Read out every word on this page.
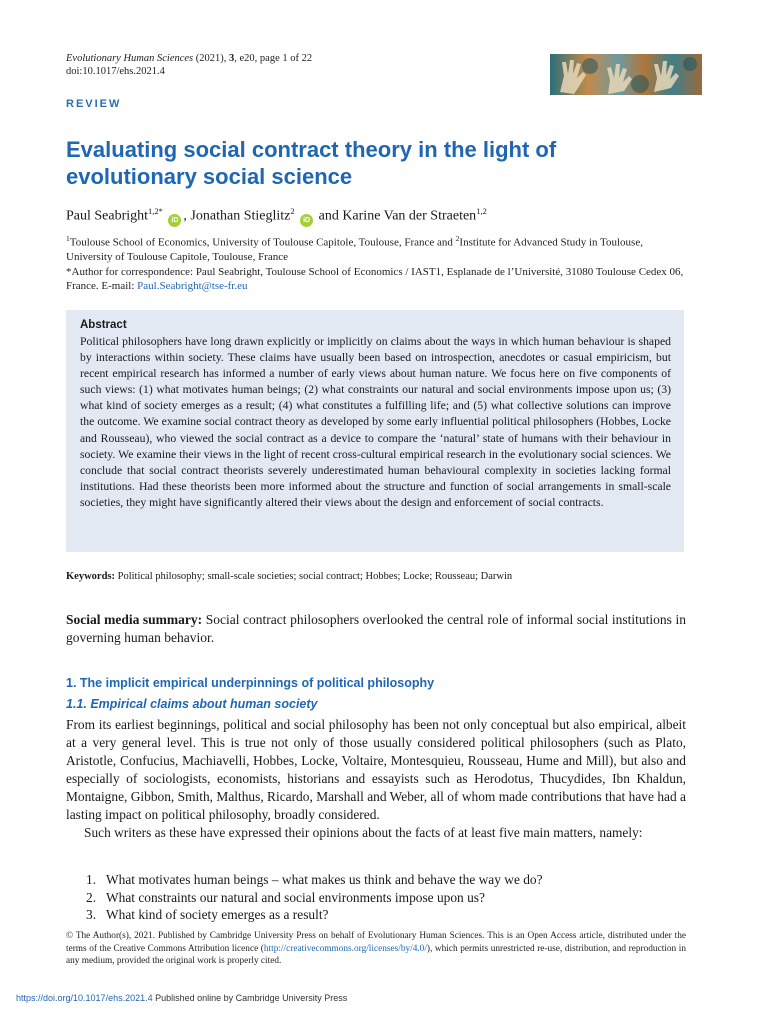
Evolutionary Human Sciences (2021), 3, e20, page 1 of 22
doi:10.1017/ehs.2021.4
REVIEW
Evaluating social contract theory in the light of evolutionary social science
Paul Seabright$^{1,2*}$ iD , Jonathan Stieglitz$^2$ iD and Karine Van der Straeten$^{1,2}$
$^1$Toulouse School of Economics, University of Toulouse Capitole, Toulouse, France and $^2$Institute for Advanced Study in Toulouse, University of Toulouse Capitole, Toulouse, France
*Author for correspondence: Paul Seabright, Toulouse School of Economics / IAST1, Esplanade de l’Université, 31080 Toulouse Cedex 06, France. E-mail: Paul.Seabright@tse-fr.eu
Abstract
Political philosophers have long drawn explicitly or implicitly on claims about the ways in which human behaviour is shaped by interactions within society. These claims have usually been based on introspection, anecdotes or casual empiricism, but recent empirical research has informed a number of early views about human nature. We focus here on five components of such views: (1) what motivates human beings; (2) what constraints our natural and social environments impose upon us; (3) what kind of society emerges as a result; (4) what constitutes a fulfilling life; and (5) what collective solutions can improve the outcome. We examine social contract theory as developed by some early influential political philosophers (Hobbes, Locke and Rousseau), who viewed the social contract as a device to compare the ‘natural’ state of humans with their behaviour in society. We examine their views in the light of recent cross-cultural empirical research in the evolutionary social sciences. We conclude that social contract theorists severely underestimated human behavioural complexity in societies lacking formal institutions. Had these theorists been more informed about the structure and function of social arrangements in small-scale societies, they might have significantly altered their views about the design and enforcement of social contracts.
Keywords: Political philosophy; small-scale societies; social contract; Hobbes; Locke; Rousseau; Darwin
Social media summary: Social contract philosophers overlooked the central role of informal social institutions in governing human behavior.
1. The implicit empirical underpinnings of political philosophy
1.1. Empirical claims about human society

From its earliest beginnings, political and social philosophy has been not only conceptual but also empirical, albeit at a very general level. This is true not only of those usually considered political philosophers (such as Plato, Aristotle, Confucius, Machiavelli, Hobbes, Locke, Voltaire, Montesquieu, Rousseau, Hume and Mill), but also and especially of sociologists, economists, historians and essayists such as Herodotus, Thucydides, Ibn Khaldun, Montaigne, Gibbon, Smith, Malthus, Ricardo, Marshall and Weber, all of whom made contributions that have had a lasting impact on political philosophy, broadly considered.

Such writers as these have expressed their opinions about the facts of at least five main matters, namely:

1. What motivates human beings – what makes us think and behave the way we do?
2. What constraints our natural and social environments impose upon us?
3. What kind of society emerges as a result?
© The Author(s), 2021. Published by Cambridge University Press on behalf of Evolutionary Human Sciences. This is an Open Access article, distributed under the terms of the Creative Commons Attribution licence (http://creativecommons.org/licenses/by/4.0/), which permits unrestricted re-use, distribution, and reproduction in any medium, provided the original work is properly cited.
https://doi.org/10.1017/ehs.2021.4 Published online by Cambridge University Press
